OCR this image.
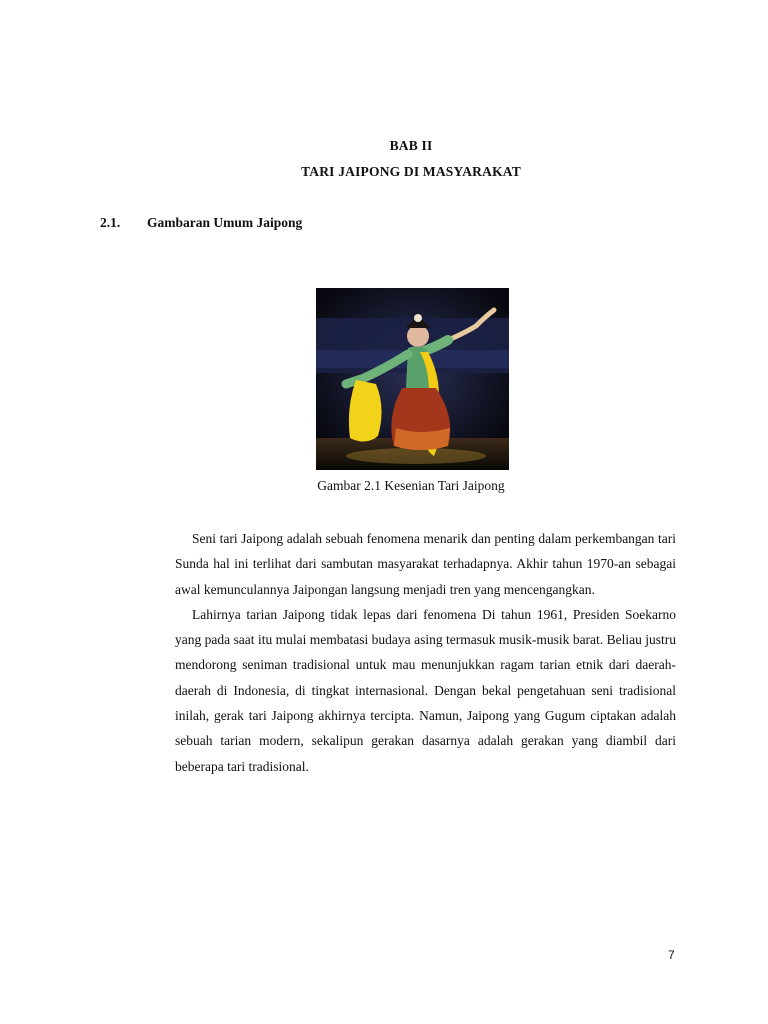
BAB II
TARI JAIPONG DI MASYARAKAT
2.1. Gambaran Umum Jaipong
Gambar 2.1 Kesenian Tari Jaipong

Seni tari Jaipong adalah sebuah fenomena menarik dan penting dalam perkembangan tari Sunda hal ini terlihat dari sambutan masyarakat terhadapnya. Akhir tahun 1970-an sebagai awal kemunculannya Jaipongan langsung menjadi tren yang mencengangkan.

Lahirnya tarian Jaipong tidak lepas dari fenomena Di tahun 1961, Presiden Soekarno yang pada saat itu mulai membatasi budaya asing termasuk musik-musik barat. Beliau justru mendorong seniman tradisional untuk mau menunjukkan ragam tarian etnik dari daerah-daerah di Indonesia, di tingkat internasional. Dengan bekal pengetahuan seni tradisional inilah, gerak tari Jaipong akhirnya tercipta. Namun, Jaipong yang Gugum ciptakan adalah sebuah tarian modern, sekalipun gerakan dasarnya adalah gerakan yang diambil dari beberapa tari tradisional.

7
